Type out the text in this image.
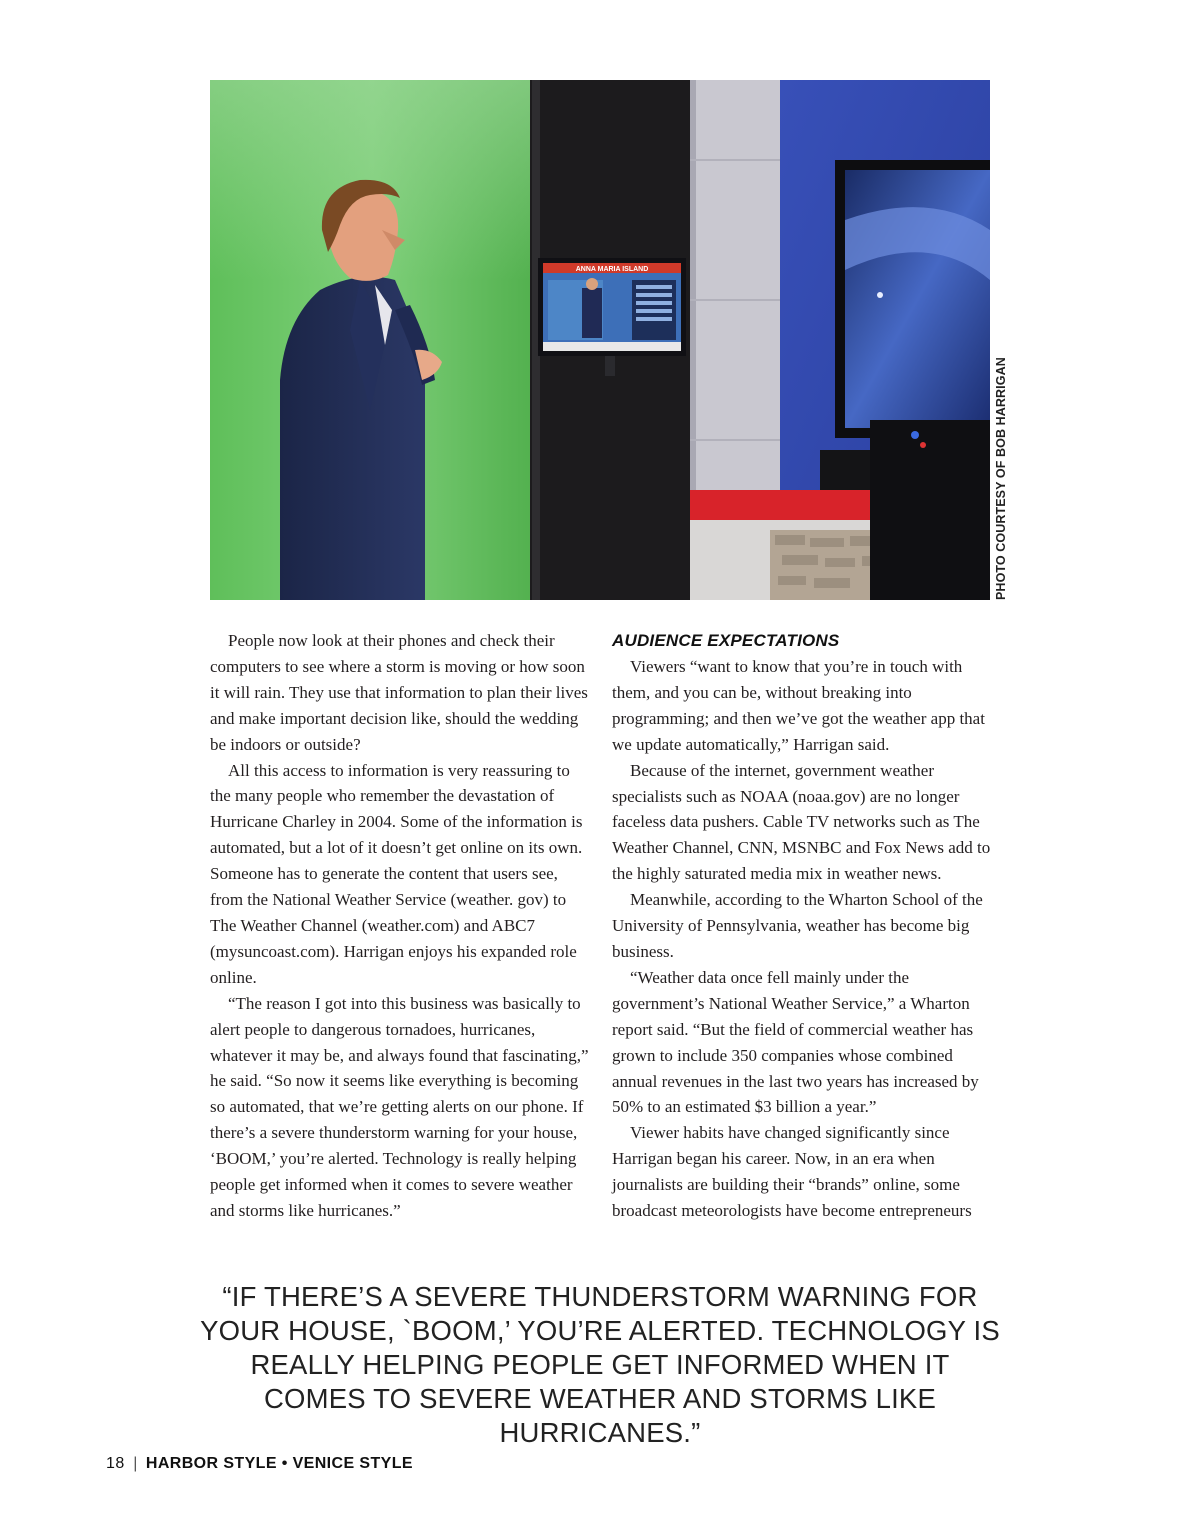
ANNA MARIA ISLAND
PHOTO COURTESY OF BOB HARRIGAN

People now look at their phones and check their computers to see where a storm is moving or how soon it will rain. They use that information to plan their lives and make important decision like, should the wedding be indoors or outside?

All this access to information is very reassuring to the many people who remember the devastation of Hurricane Charley in 2004. Some of the information is automated, but a lot of it doesn’t get online on its own. Someone has to generate the content that users see, from the National Weather Service (weather. gov) to The Weather Channel (weather.com) and ABC7 (mysuncoast.com). Harrigan enjoys his expanded role online.

“The reason I got into this business was basically to alert people to dangerous tornadoes, hurricanes, whatever it may be, and always found that fascinating,” he said. “So now it seems like everything is becoming so automated, that we’re getting alerts on our phone. If there’s a severe thunderstorm warning for your house, ‘BOOM,’ you’re alerted. Technology is really helping people get informed when it comes to severe weather and storms like hurricanes.”

AUDIENCE EXPECTATIONS

Viewers “want to know that you’re in touch with them, and you can be, without breaking into programming; and then we’ve got the weather app that we update automatically,” Harrigan said.

Because of the internet, government weather specialists such as NOAA (noaa.gov) are no longer faceless data pushers. Cable TV networks such as The Weather Channel, CNN, MSNBC and Fox News add to the highly saturated media mix in weather news.

Meanwhile, according to the Wharton School of the University of Pennsylvania, weather has become big business.

“Weather data once fell mainly under the government’s National Weather Service,” a Wharton report said. “But the field of commercial weather has grown to include 350 companies whose combined annual revenues in the last two years has increased by 50% to an estimated $3 billion a year.”

Viewer habits have changed significantly since Harrigan began his career. Now, in an era when journalists are building their “brands” online, some broadcast meteorologists have become entrepreneurs

“IF THERE’S A SEVERE THUNDERSTORM WARNING FOR YOUR HOUSE, `BOOM,’ YOU’RE ALERTED. TECHNOLOGY IS REALLY HELPING PEOPLE GET INFORMED WHEN IT COMES TO SEVERE WEATHER AND STORMS LIKE HURRICANES.”
18 | HARBOR STYLE • VENICE STYLE
